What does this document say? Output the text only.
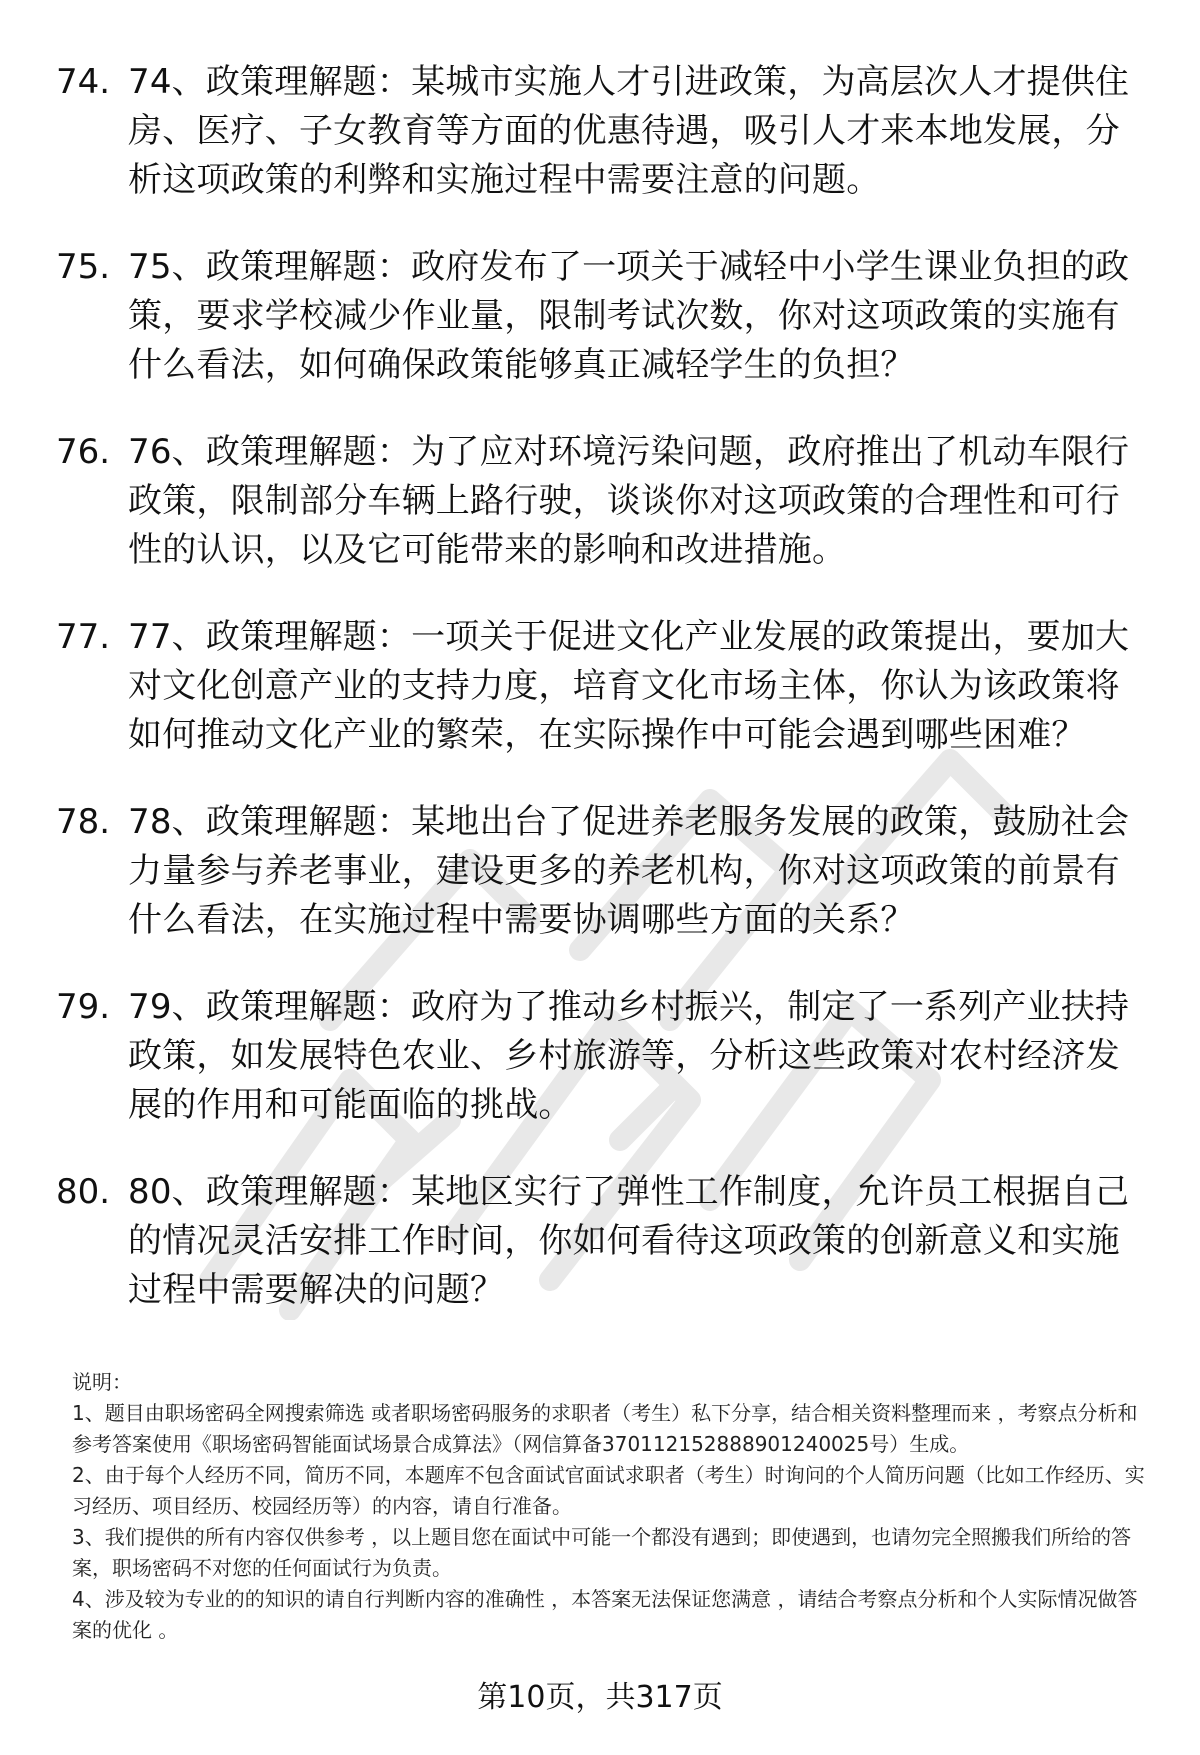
74. 74、政策理解题：某城市实施人才引进政策，为高层次人才提供住房、医疗、子女教育等方面的优惠待遇，吸引人才来本地发展，分析这项政策的利弊和实施过程中需要注意的问题。
75. 75、政策理解题：政府发布了一项关于减轻中小学生课业负担的政策，要求学校减少作业量，限制考试次数，你对这项政策的实施有什么看法，如何确保政策能够真正减轻学生的负担？
76. 76、政策理解题：为了应对环境污染问题，政府推出了机动车限行政策，限制部分车辆上路行驶，谈谈你对这项政策的合理性和可行性的认识，以及它可能带来的影响和改进措施。
77. 77、政策理解题：一项关于促进文化产业发展的政策提出，要加大对文化创意产业的支持力度，培育文化市场主体，你认为该政策将如何推动文化产业的繁荣，在实际操作中可能会遇到哪些困难？
78. 78、政策理解题：某地出台了促进养老服务发展的政策，鼓励社会力量参与养老事业，建设更多的养老机构，你对这项政策的前景有什么看法，在实施过程中需要协调哪些方面的关系？
79. 79、政策理解题：政府为了推动乡村振兴，制定了一系列产业扶持政策，如发展特色农业、乡村旅游等，分析这些政策对农村经济发展的作用和可能面临的挑战。
80. 80、政策理解题：某地区实行了弹性工作制度，允许员工根据自己的情况灵活安排工作时间，你如何看待这项政策的创新意义和实施过程中需要解决的问题？

说明：

1、题目由职场密码全网搜索筛选 或者职场密码服务的求职者（考生）私下分享，结合相关资料整理而来 ，考察点分析和参考答案使用《职场密码智能面试场景合成算法》（网信算备370112152888901240025号）生成。

2、由于每个人经历不同，简历不同，本题库不包含面试官面试求职者（考生）时询问的个人简历问题（比如工作经历、实习经历、项目经历、校园经历等）的内容，请自行准备。

3、我们提供的所有内容仅供参考 ，以上题目您在面试中可能一个都没有遇到；即使遇到，也请勿完全照搬我们所给的答案，职场密码不对您的任何面试行为负责。

4、涉及较为专业的的知识的请自行判断内容的准确性 ，本答案无法保证您满意 ，请结合考察点分析和个人实际情况做答案的优化 。

第10页，共317页
